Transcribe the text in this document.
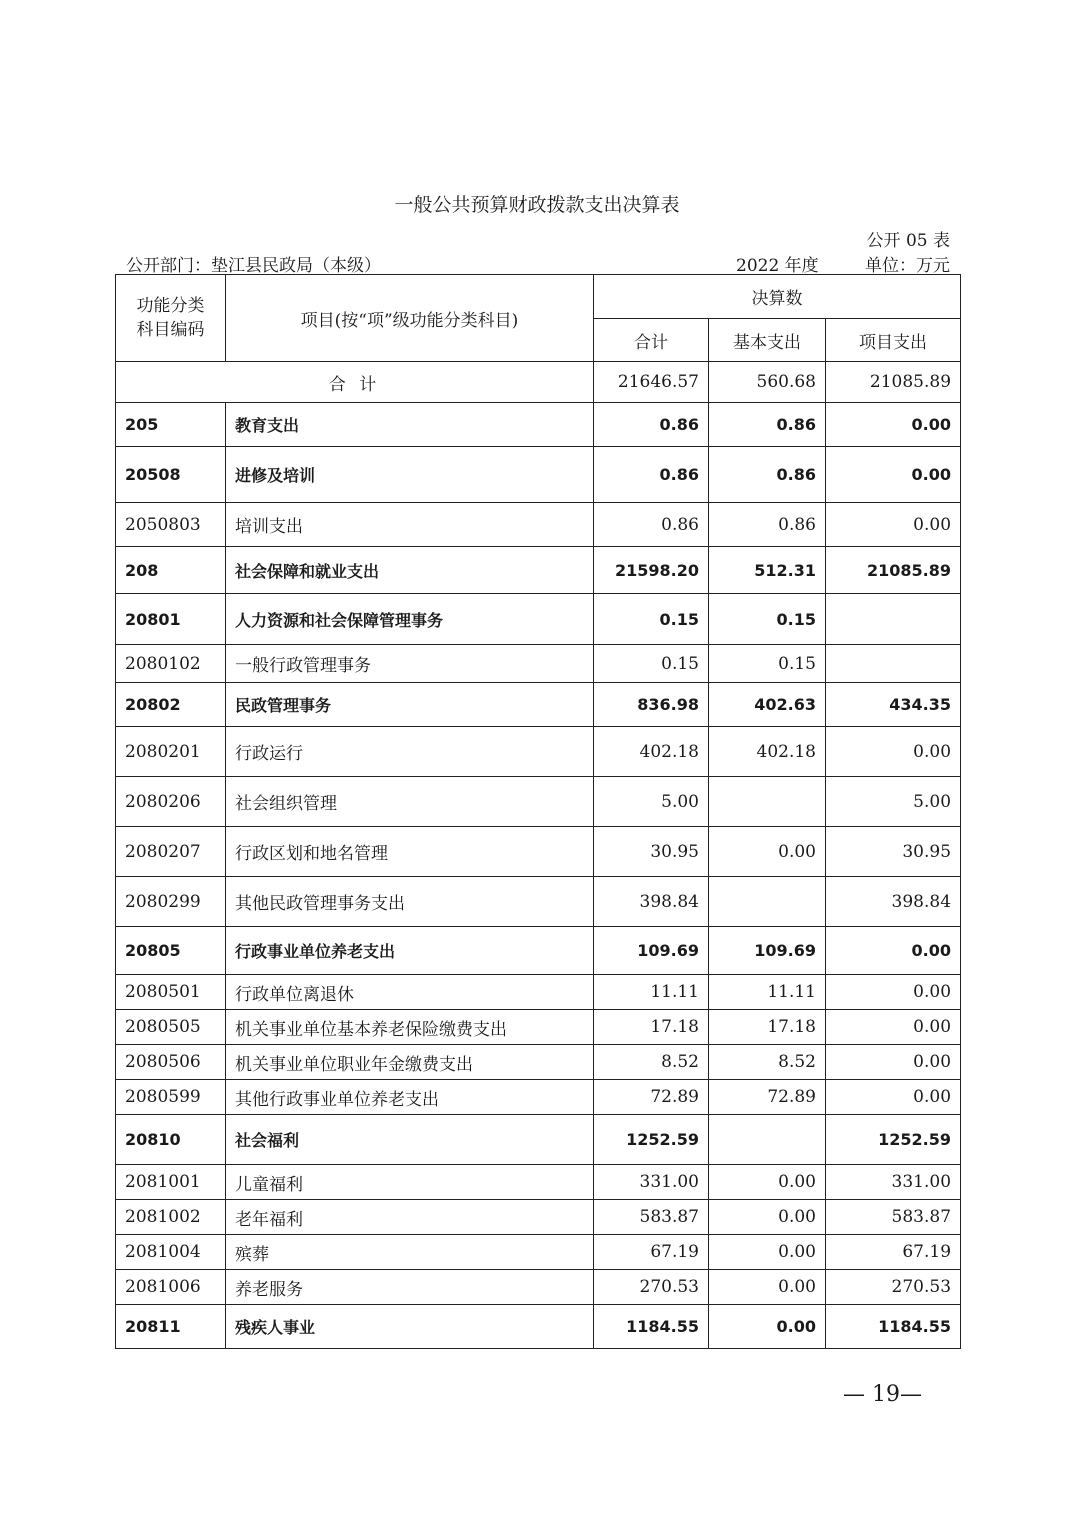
一般公共预算财政拨款支出决算表
公开 05 表
公开部门：垫江县民政局（本级）	2022 年度	单位：万元
功能分类
科目编码	项目(按“项”级功能分类科目)	决算数		
		合计	基本支出	项目支出
合 计		21646.57	560.68	21085.89
205	教育支出	0.86	0.86	0.00
20508	进修及培训	0.86	0.86	0.00
2050803	培训支出	0.86	0.86	0.00
208	社会保障和就业支出	21598.20	512.31	21085.89
20801	人力资源和社会保障管理事务	0.15	0.15	
2080102	一般行政管理事务	0.15	0.15	
20802	民政管理事务	836.98	402.63	434.35
2080201	行政运行	402.18	402.18	0.00
2080206	社会组织管理	5.00		5.00
2080207	行政区划和地名管理	30.95	0.00	30.95
2080299	其他民政管理事务支出	398.84		398.84
20805	行政事业单位养老支出	109.69	109.69	0.00
2080501	行政单位离退休	11.11	11.11	0.00
2080505	机关事业单位基本养老保险缴费支出	17.18	17.18	0.00
2080506	机关事业单位职业年金缴费支出	8.52	8.52	0.00
2080599	其他行政事业单位养老支出	72.89	72.89	0.00
20810	社会福利	1252.59		1252.59
2081001	儿童福利	331.00	0.00	331.00
2081002	老年福利	583.87	0.00	583.87
2081004	殡葬	67.19	0.00	67.19
2081006	养老服务	270.53	0.00	270.53
20811	残疾人事业	1184.55	0.00	1184.55
— 19—
